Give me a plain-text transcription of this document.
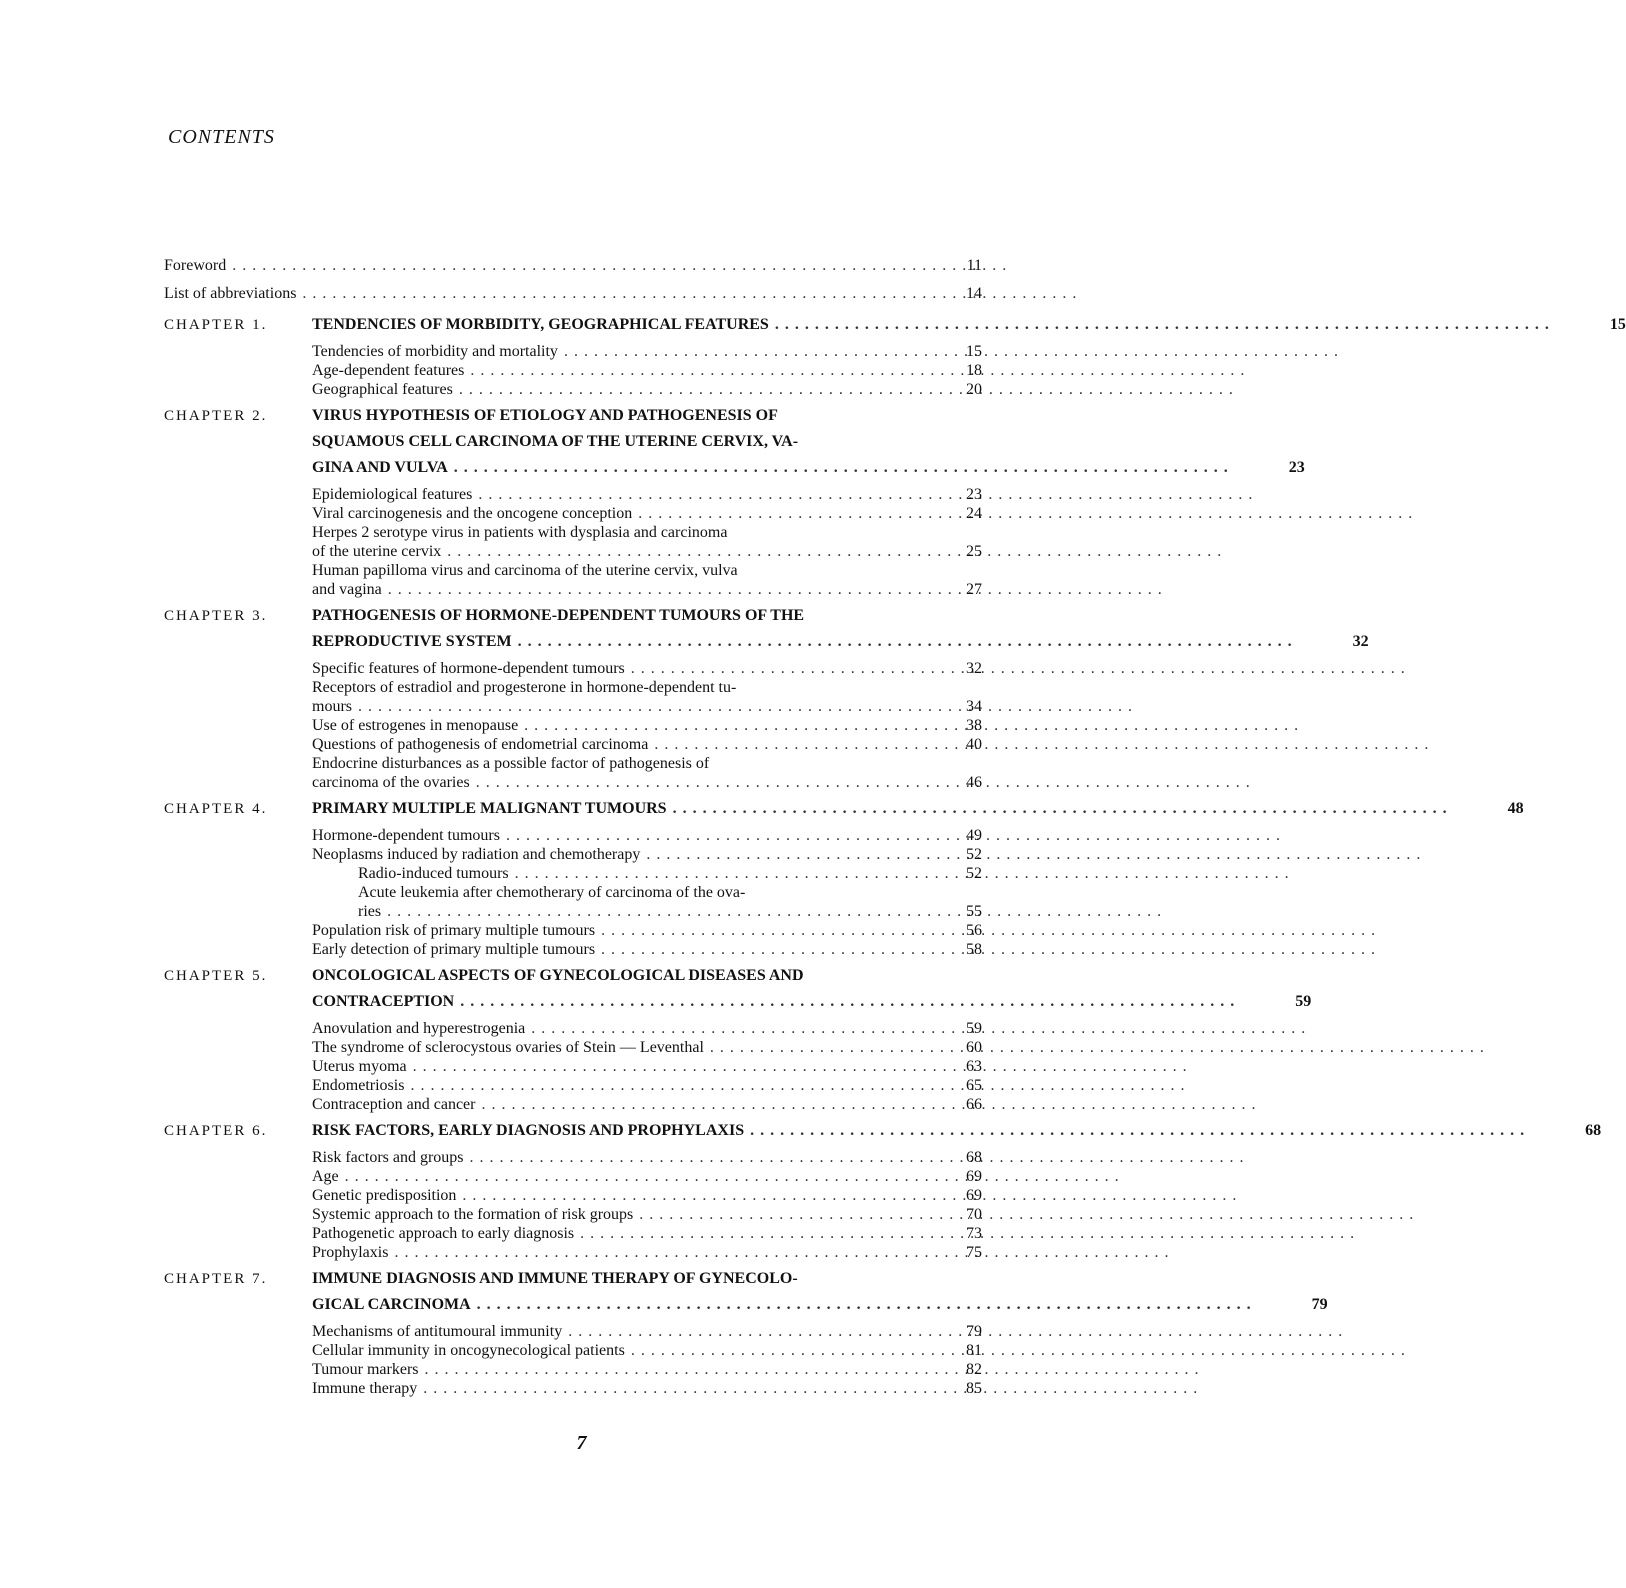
CONTENTS
Foreword . . .	11
List of abbreviations . . .	14
CHAPTER 1.	TENDENCIES OF MORBIDITY, GEOGRAPHICAL FEATURES . . .	15
Tendencies of morbidity and mortality . . .	15
Age-dependent features . . .	18
Geographical features . . .	20
CHAPTER 2.	VIRUS HYPOTHESIS OF ETIOLOGY AND PATHOGENESIS OF
SQUAMOUS CELL CARCINOMA OF THE UTERINE CERVIX, VA-
GINA AND VULVA . . .	23
Epidemiological features . . .	23
Viral carcinogenesis and the oncogene conception . . .	24
Herpes 2 serotype virus in patients with dysplasia and carcinoma
of the uterine cervix . . .	25
Human papilloma virus and carcinoma of the uterine cervix, vulva
and vagina . . .	27
CHAPTER 3.	PATHOGENESIS OF HORMONE-DEPENDENT TUMOURS OF THE
REPRODUCTIVE SYSTEM . . .	32
Specific features of hormone-dependent tumours . . .	32
Receptors of estradiol and progesterone in hormone-dependent tu-
mours . . .	34
Use of estrogenes in menopause . . .	38
Questions of pathogenesis of endometrial carcinoma . . .	40
Endocrine disturbances as a possible factor of pathogenesis of
carcinoma of the ovaries . . .	46
CHAPTER 4.	PRIMARY MULTIPLE MALIGNANT TUMOURS . . .	48
Hormone-dependent tumours . . .	49
Neoplasms induced by radiation and chemotherapy . . .	52
Radio-induced tumours . . .	52
Acute leukemia after chemotherary of carcinoma of the ova-
ries . . .	55
Population risk of primary multiple tumours . . .	56
Early detection of primary multiple tumours . . .	58
CHAPTER 5.	ONCOLOGICAL ASPECTS OF GYNECOLOGICAL DISEASES AND
CONTRACEPTION . . .	59
Anovulation and hyperestrogenia . . .	59
The syndrome of sclerocystous ovaries of Stein — Leventhal . . .	60
Uterus myoma . . .	63
Endometriosis . . .	65
Contraception and cancer . . .	66
CHAPTER 6.	RISK FACTORS, EARLY DIAGNOSIS AND PROPHYLAXIS . . .	68
Risk factors and groups . . .	68
Age . . .	69
Genetic predisposition . . .	69
Systemic approach to the formation of risk groups . . .	70
Pathogenetic approach to early diagnosis . . .	73
Prophylaxis . . .	75
CHAPTER 7.	IMMUNE DIAGNOSIS AND IMMUNE THERAPY OF GYNECOLO-
GICAL CARCINOMA . . .	79
Mechanisms of antitumoural immunity . . .	79
Cellular immunity in oncogynecological patients . . .	81
Tumour markers . . .	82
Immune therapy . . .	85
7
